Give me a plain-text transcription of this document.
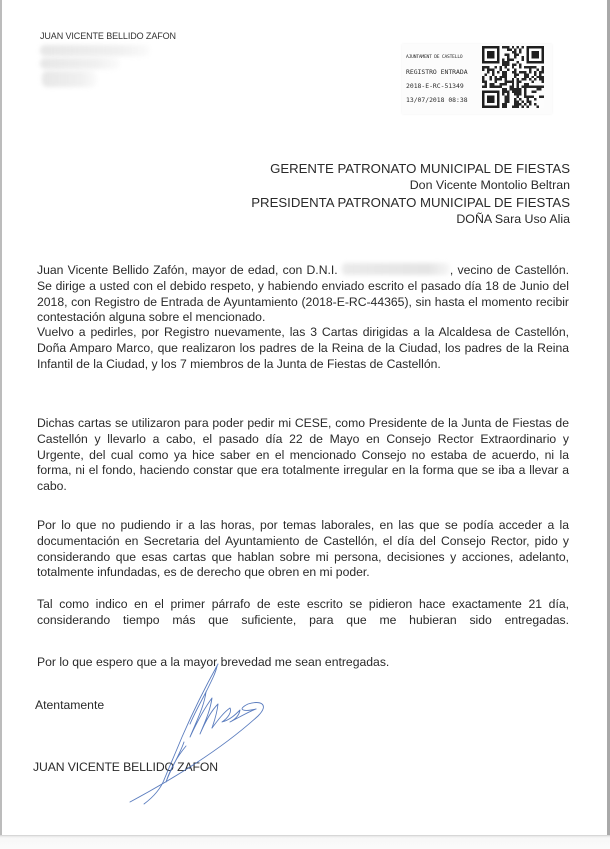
JUAN VICENTE BELLIDO ZAFON
AJUNTAMENT DE CASTELLO
REGISTRO ENTRADA
2018-E-RC-51349
13/07/2018 08:38
GERENTE PATRONATO MUNICIPAL DE FIESTAS
Don Vicente Montolio Beltran
PRESIDENTA PATRONATO MUNICIPAL DE FIESTAS
DOÑA Sara Uso Alia
Juan Vicente Bellido Zafón, mayor de edad, con D.N.I.	, vecino de Castellón. Se dirige a usted con el debido respeto, y habiendo enviado escrito el pasado día 18 de Junio del 2018, con Registro de Entrada de Ayuntamiento (2018-E-RC-44365), sin hasta el momento recibir contestación alguna sobre el mencionado.
Vuelvo a pedirles, por Registro nuevamente, las 3 Cartas dirigidas a la Alcaldesa de Castellón, Doña Amparo Marco, que realizaron los padres de la Reina de la Ciudad, los padres de la Reina Infantil de la Ciudad, y los 7 miembros de la Junta de Fiestas de Castellón.
Dichas cartas se utilizaron para poder pedir mi CESE, como Presidente de la Junta de Fiestas de Castellón y llevarlo a cabo, el pasado día 22 de Mayo en Consejo Rector Extraordinario y Urgente, del cual como ya hice saber en el mencionado Consejo no estaba de acuerdo, ni la forma, ni el fondo, haciendo constar que era totalmente irregular en la forma que se iba a llevar a cabo.
Por lo que no pudiendo ir a las horas, por temas laborales, en las que se podía acceder a la documentación en Secretaria del Ayuntamiento de Castellón, el día del Consejo Rector, pido y considerando que esas cartas que hablan sobre mi persona, decisiones y acciones, adelanto, totalmente infundadas, es de derecho que obren en mi poder.
Tal como indico en el primer párrafo de este escrito se pidieron hace exactamente 21 día, considerando tiempo más que suficiente, para que me hubieran sido entregadas.
Por lo que espero que a la mayor brevedad me sean entregadas.
Atentamente
JUAN VICENTE BELLIDO ZAFON
